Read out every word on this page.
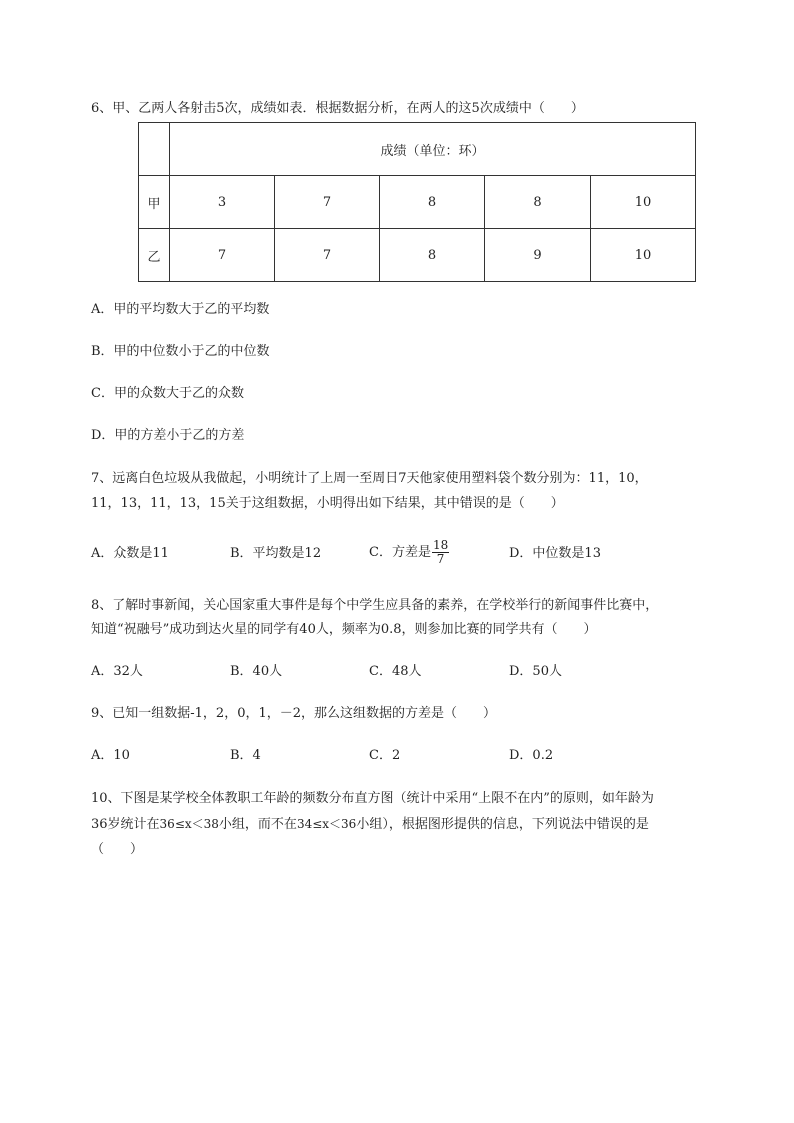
6、甲、乙两人各射击5次，成绩如表．根据数据分析，在两人的这5次成绩中（　　）
	成绩（单位：环）				
甲	3	7	8	8	10
乙	7	7	8	9	10
A．甲的平均数大于乙的平均数
B．甲的中位数小于乙的中位数
C．甲的众数大于乙的众数
D．甲的方差小于乙的方差
7、远离白色垃圾从我做起，小明统计了上周一至周日7天他家使用塑料袋个数分别为：11，10，
11，13，11，13，15关于这组数据，小明得出如下结果，其中错误的是（　　）
A．众数是11	B．平均数是12	C．方差是 $\frac{18}{7}$	D．中位数是13
8、了解时事新闻，关心国家重大事件是每个中学生应具备的素养，在学校举行的新闻事件比赛中，
知道“祝融号”成功到达火星的同学有40人，频率为0.8，则参加比赛的同学共有（　　）
A．32人	B．40人	C．48人	D．50人
9、已知一组数据-1，2，0，1，－2，那么这组数据的方差是（　　）
A．10	B．4	C．2	D．0.2
10、下图是某学校全体教职工年龄的频数分布直方图（统计中采用“上限不在内”的原则，如年龄为
36岁统计在36≤x＜38小组，而不在34≤x＜36小组），根据图形提供的信息，下列说法中错误的是
（　　）
